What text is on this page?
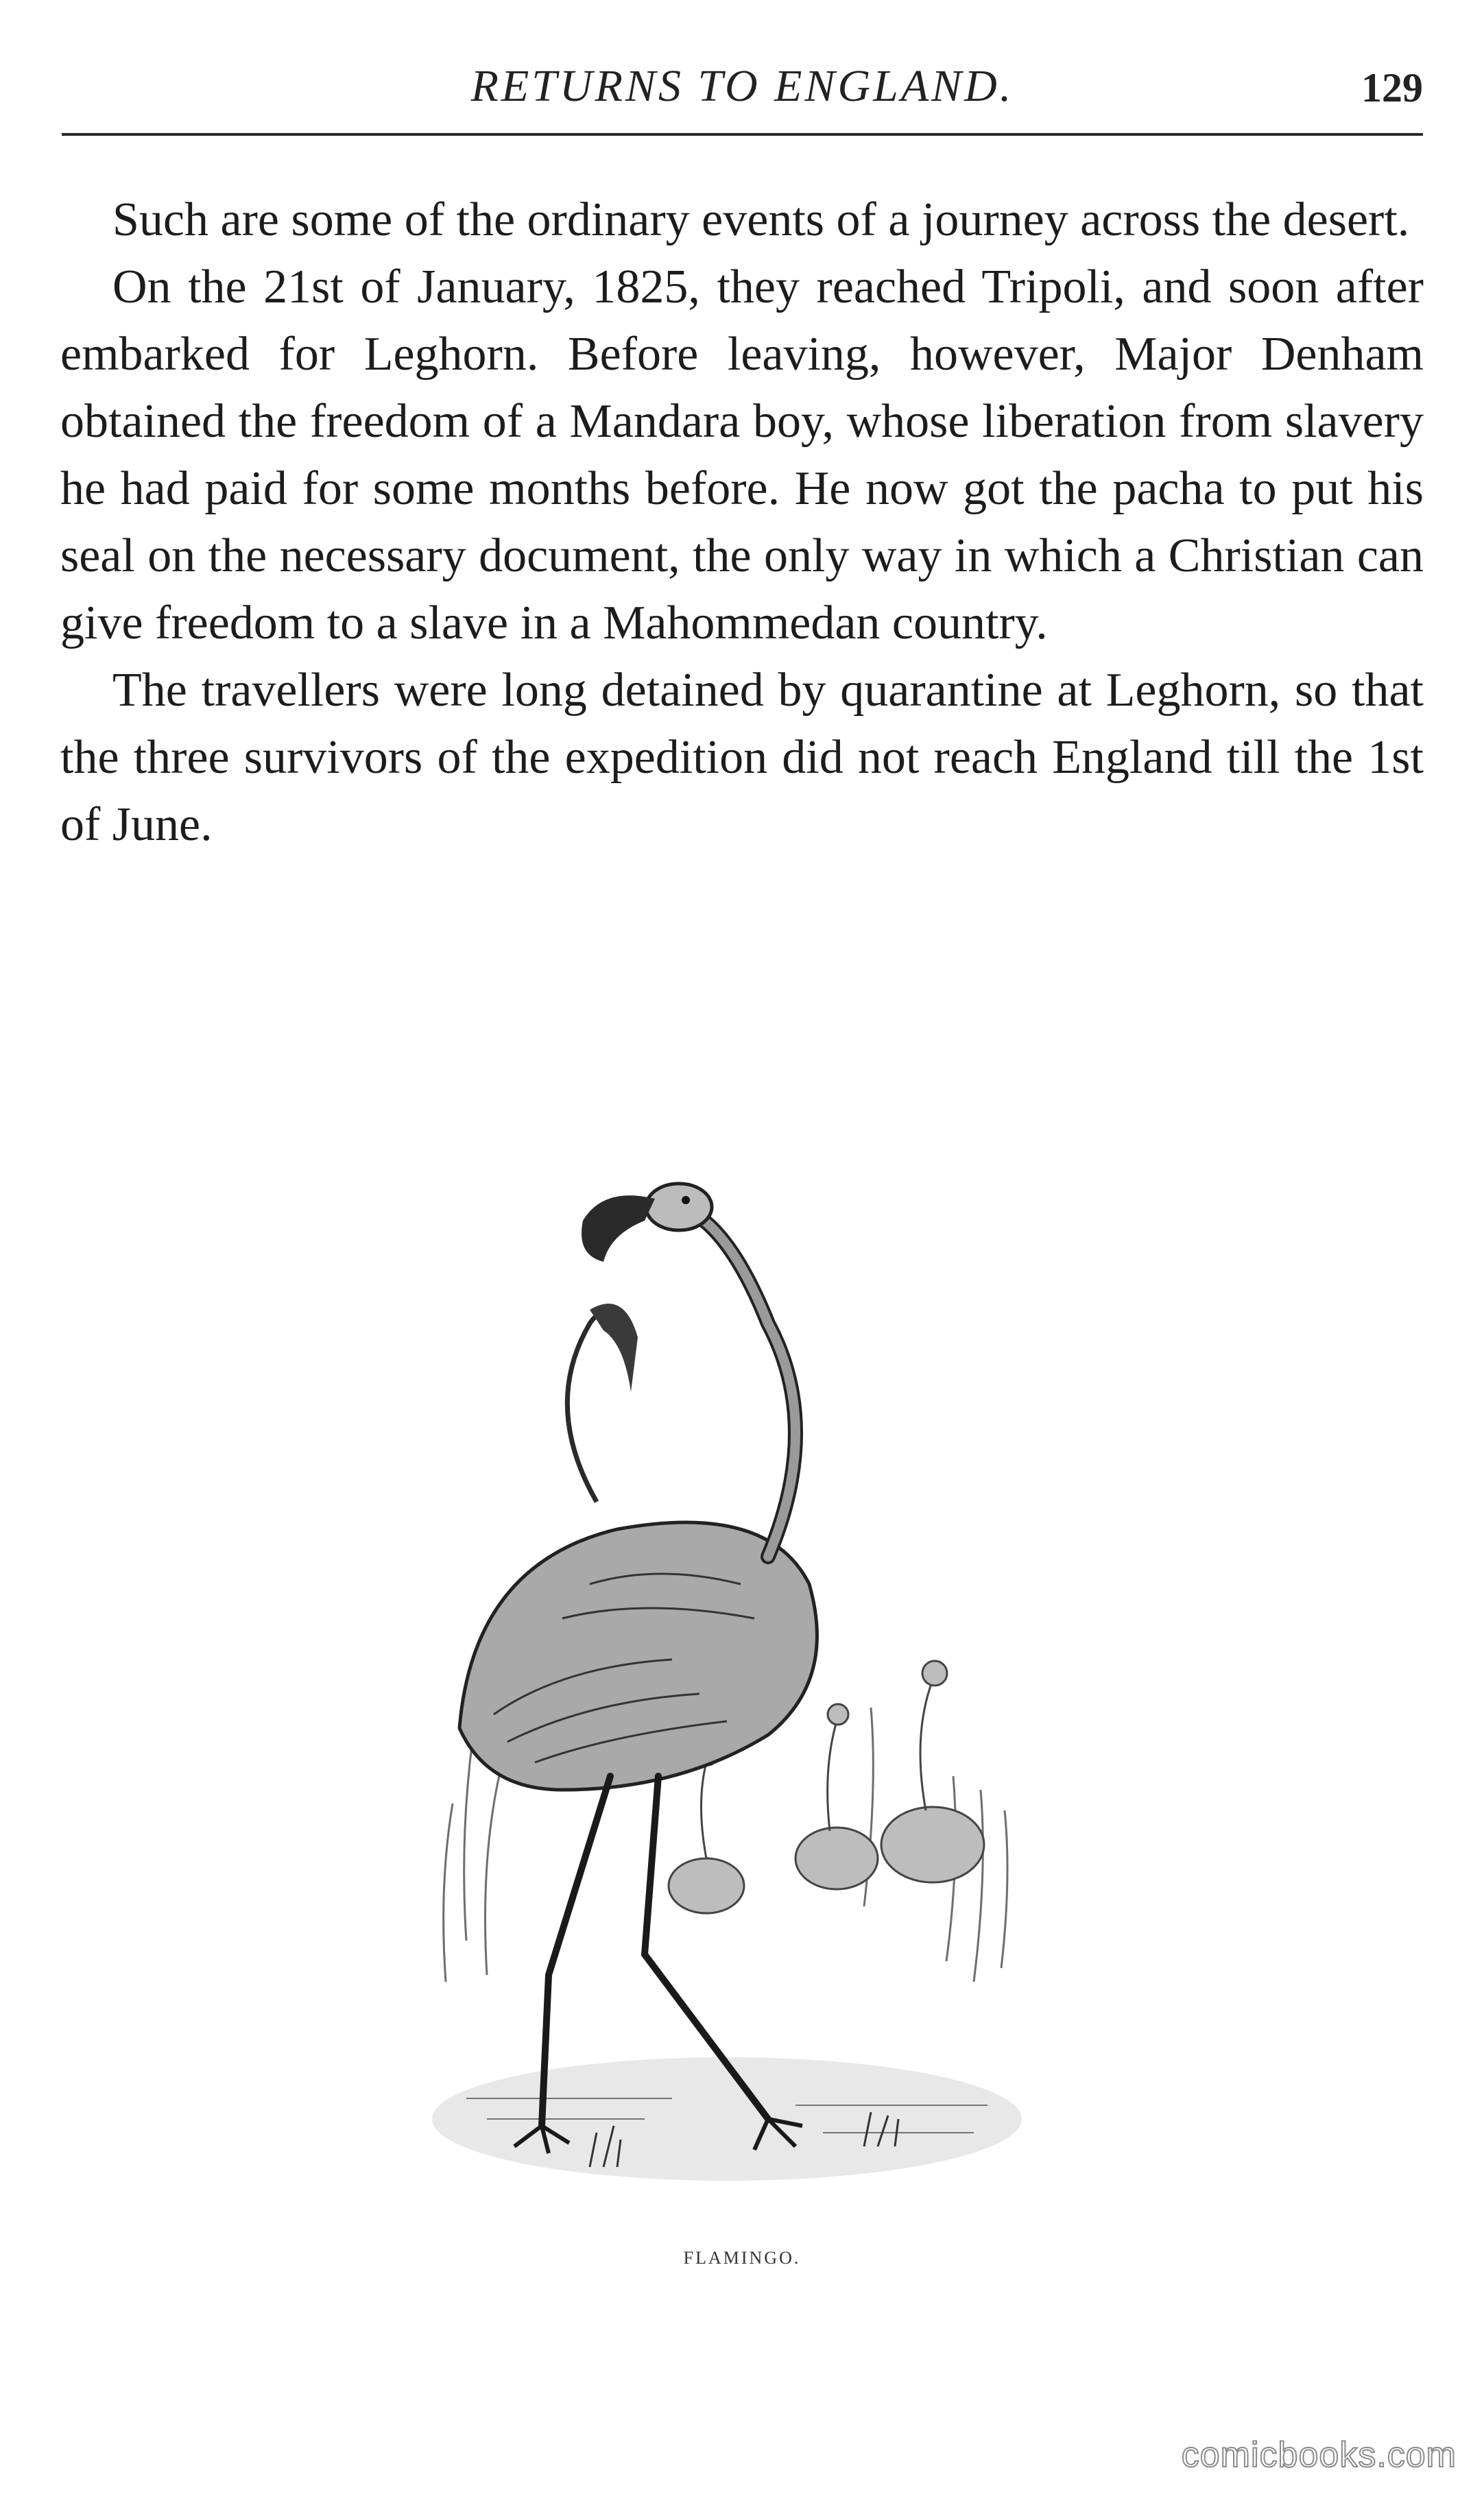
RETURNS TO ENGLAND.	129

Such are some of the ordinary events of a journey across the desert.

On the 21st of January, 1825, they reached Tripoli, and soon after embarked for Leghorn. Before leaving, however, Major Denham obtained the freedom of a Mandara boy, whose liberation from slavery he had paid for some months before. He now got the pacha to put his seal on the necessary document, the only way in which a Christian can give freedom to a slave in a Mahommedan country.

The travellers were long detained by quarantine at Leghorn, so that the three survivors of the expedition did not reach England till the 1st of June.

FLAMINGO.
comicbooks.com
